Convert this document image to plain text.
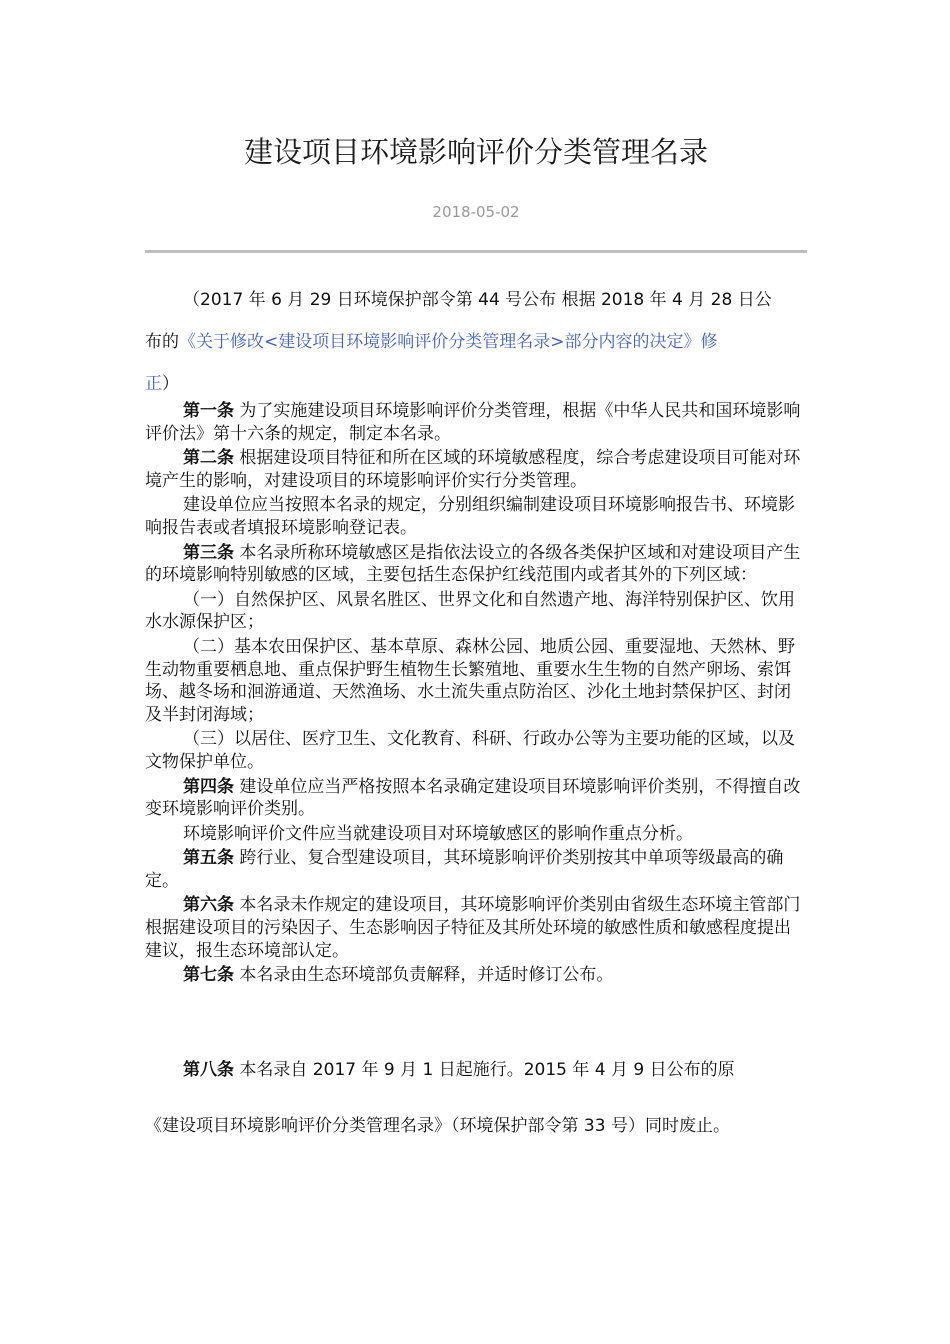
建设项目环境影响评价分类管理名录
2018-05-02

（2017 年 6 月 29 日环境保护部令第 44 号公布 根据 2018 年 4 月 28 日公

布的《关于修改<建设项目环境影响评价分类管理名录>部分内容的决定》修

正）

第一条 为了实施建设项目环境影响评价分类管理，根据《中华人民共和国环境影响评价法》第十六条的规定，制定本名录。

第二条 根据建设项目特征和所在区域的环境敏感程度，综合考虑建设项目可能对环境产生的影响，对建设项目的环境影响评价实行分类管理。

建设单位应当按照本名录的规定，分别组织编制建设项目环境影响报告书、环境影响报告表或者填报环境影响登记表。

第三条 本名录所称环境敏感区是指依法设立的各级各类保护区域和对建设项目产生的环境影响特别敏感的区域，主要包括生态保护红线范围内或者其外的下列区域：

（一）自然保护区、风景名胜区、世界文化和自然遗产地、海洋特别保护区、饮用水水源保护区；

（二）基本农田保护区、基本草原、森林公园、地质公园、重要湿地、天然林、野生动物重要栖息地、重点保护野生植物生长繁殖地、重要水生生物的自然产卵场、索饵场、越冬场和洄游通道、天然渔场、水土流失重点防治区、沙化土地封禁保护区、封闭及半封闭海域；

（三）以居住、医疗卫生、文化教育、科研、行政办公等为主要功能的区域，以及文物保护单位。

第四条 建设单位应当严格按照本名录确定建设项目环境影响评价类别，不得擅自改变环境影响评价类别。

环境影响评价文件应当就建设项目对环境敏感区的影响作重点分析。

第五条 跨行业、复合型建设项目，其环境影响评价类别按其中单项等级最高的确定。

第六条 本名录未作规定的建设项目，其环境影响评价类别由省级生态环境主管部门根据建设项目的污染因子、生态影响因子特征及其所处环境的敏感性质和敏感程度提出建议，报生态环境部认定。

第七条 本名录由生态环境部负责解释，并适时修订公布。

第八条 本名录自 2017 年 9 月 1 日起施行。2015 年 4 月 9 日公布的原

《建设项目环境影响评价分类管理名录》（环境保护部令第 33 号）同时废止。
